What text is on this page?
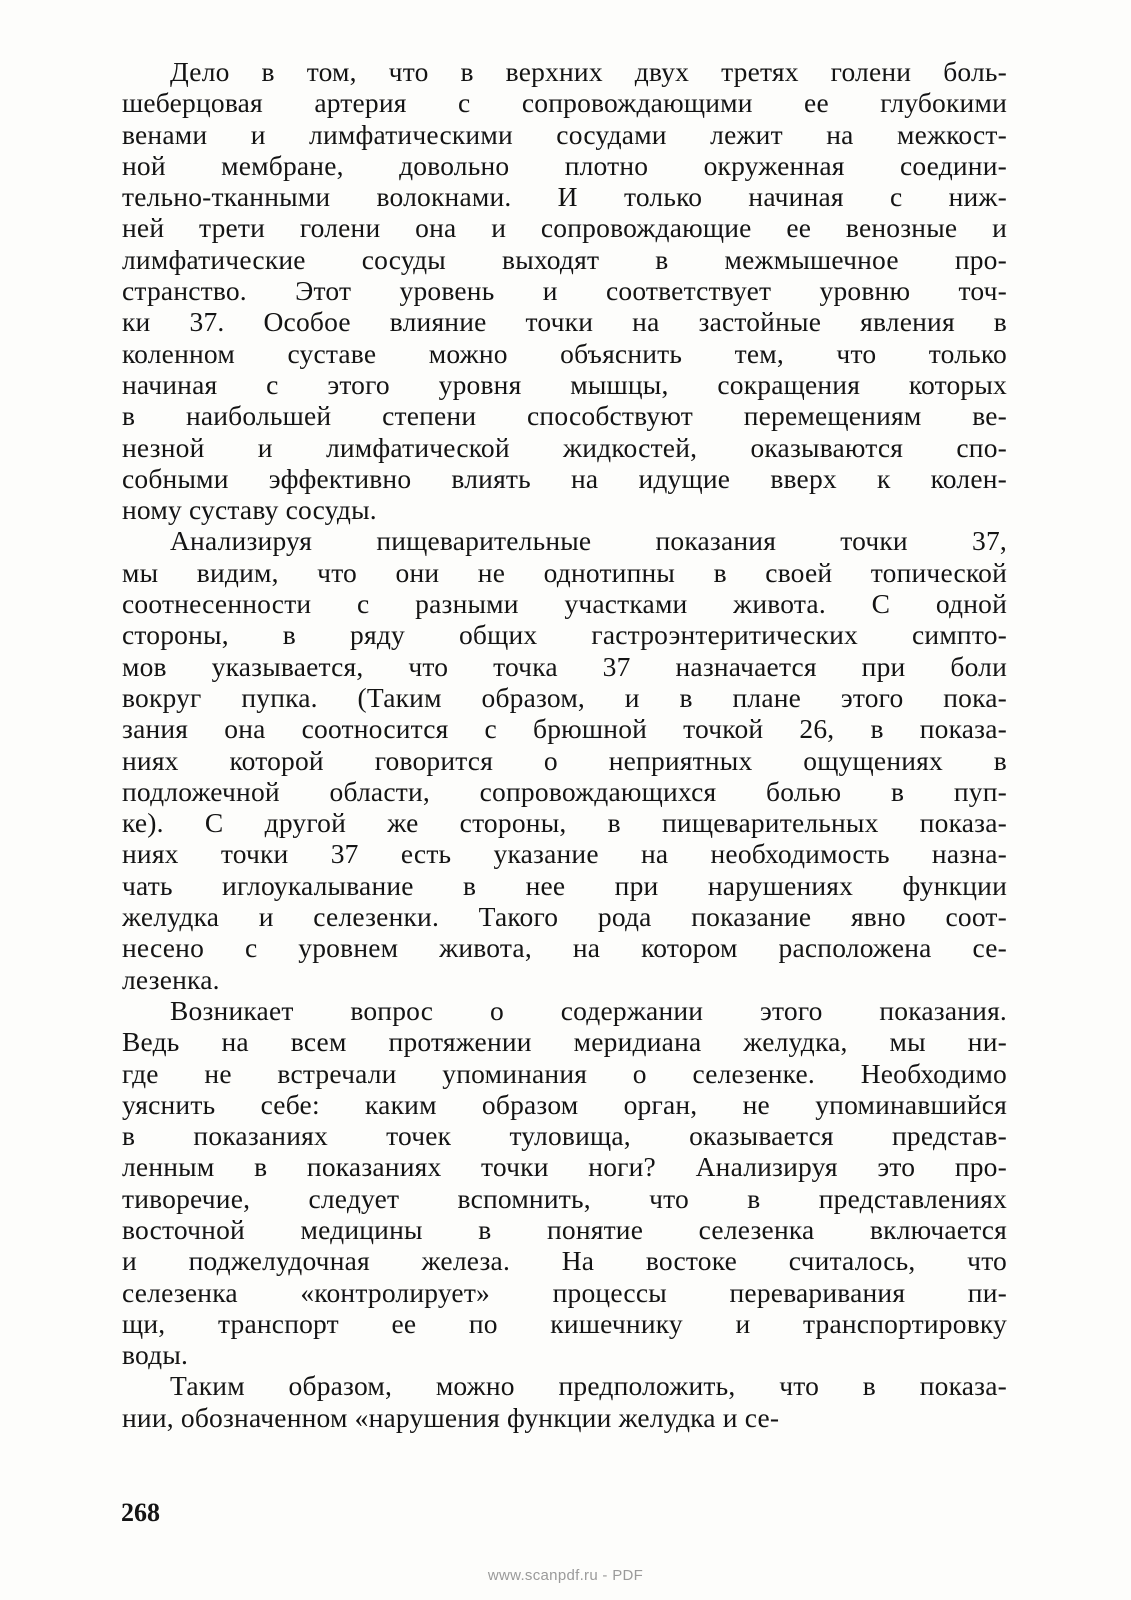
Дело в том, что в верхних двух третях голени боль-
шеберцовая артерия с сопровождающими ее глубокими
венами и лимфатическими сосудами лежит на межкост-
ной мембране, довольно плотно окруженная соедини-
тельно-тканными волокнами. И только начиная с ниж-
ней трети голени она и сопровождающие ее венозные и
лимфатические сосуды выходят в межмышечное про-
странство. Этот уровень и соответствует уровню точ-
ки 37. Особое влияние точки на застойные явления в
коленном суставе можно объяснить тем, что только
начиная с этого уровня мышцы, сокращения которых
в наибольшей степени способствуют перемещениям ве-
незной и лимфатической жидкостей, оказываются спо-
собными эффективно влиять на идущие вверх к колен-
ному суставу сосуды.
Анализируя пищеварительные показания точки 37,
мы видим, что они не однотипны в своей топической
соотнесенности с разными участками живота. С одной
стороны, в ряду общих гастроэнтеритических симпто-
мов указывается, что точка 37 назначается при боли
вокруг пупка. (Таким образом, и в плане этого пока-
зания она соотносится с брюшной точкой 26, в показа-
ниях которой говорится о неприятных ощущениях в
подложечной области, сопровождающихся болью в пуп-
ке). С другой же стороны, в пищеварительных показа-
ниях точки 37 есть указание на необходимость назна-
чать иглоукалывание в нее при нарушениях функции
желудка и селезенки. Такого рода показание явно соот-
несено с уровнем живота, на котором расположена се-
лезенка.
Возникает вопрос о содержании этого показания.
Ведь на всем протяжении меридиана желудка, мы ни-
где не встречали упоминания о селезенке. Необходимо
уяснить себе: каким образом орган, не упоминавшийся
в показаниях точек туловища, оказывается представ-
ленным в показаниях точки ноги? Анализируя это про-
тиворечие, следует вспомнить, что в представлениях
восточной медицины в понятие селезенка включается
и поджелудочная железа. На востоке считалось, что
селезенка «контролирует» процессы переваривания пи-
щи, транспорт ее по кишечнику и транспортировку
воды.
Таким образом, можно предположить, что в показа-
нии, обозначенном «нарушения функции желудка и се-
268
www.scanpdf.ru - PDF
